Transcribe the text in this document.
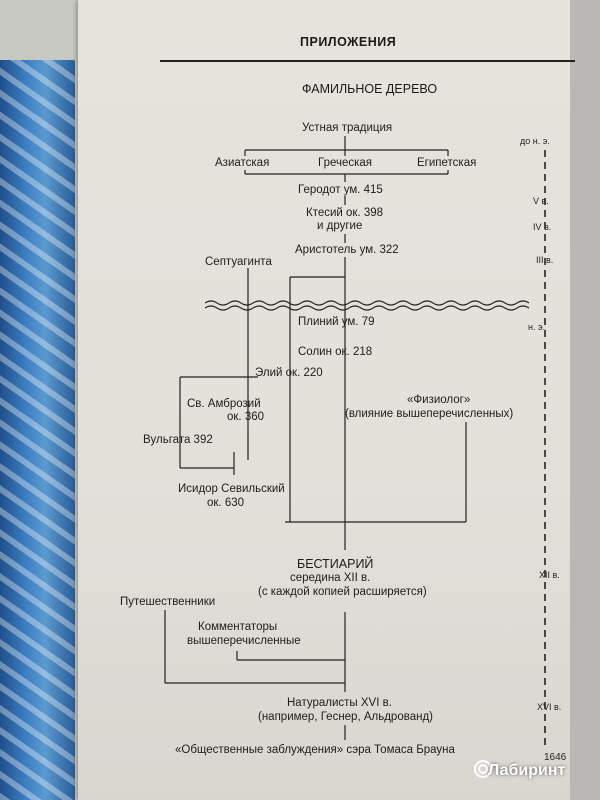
ПРИЛОЖЕНИЯ
ФАМИЛЬНОЕ ДЕРЕВО
Устная традиция
Азиатская	Греческая	Египетская
Геродот ум. 415
Ктесий ок. 398
и другие
Аристотель ум. 322
Септуагинта
Плиний ум. 79
Солин ок. 218
Элий ок. 220
Св. Амброзий
ок. 360
«Физиолог»
(влияние вышеперечисленных)
Вульгата 392
Исидор Севильский
ок. 630
БЕСТИАРИЙ
середина XII в.
(с каждой копией расширяется)
Путешественники
Комментаторы
вышеперечисленные
Натуралисты XVI в.
(например, Геснер, Альдрованд)
«Общественные заблуждения» сэра Томаса Брауна
до н. э.
V в.
IV в.
III в.
н. э.
XII в.
XVI в.
1646
Лабиринт
